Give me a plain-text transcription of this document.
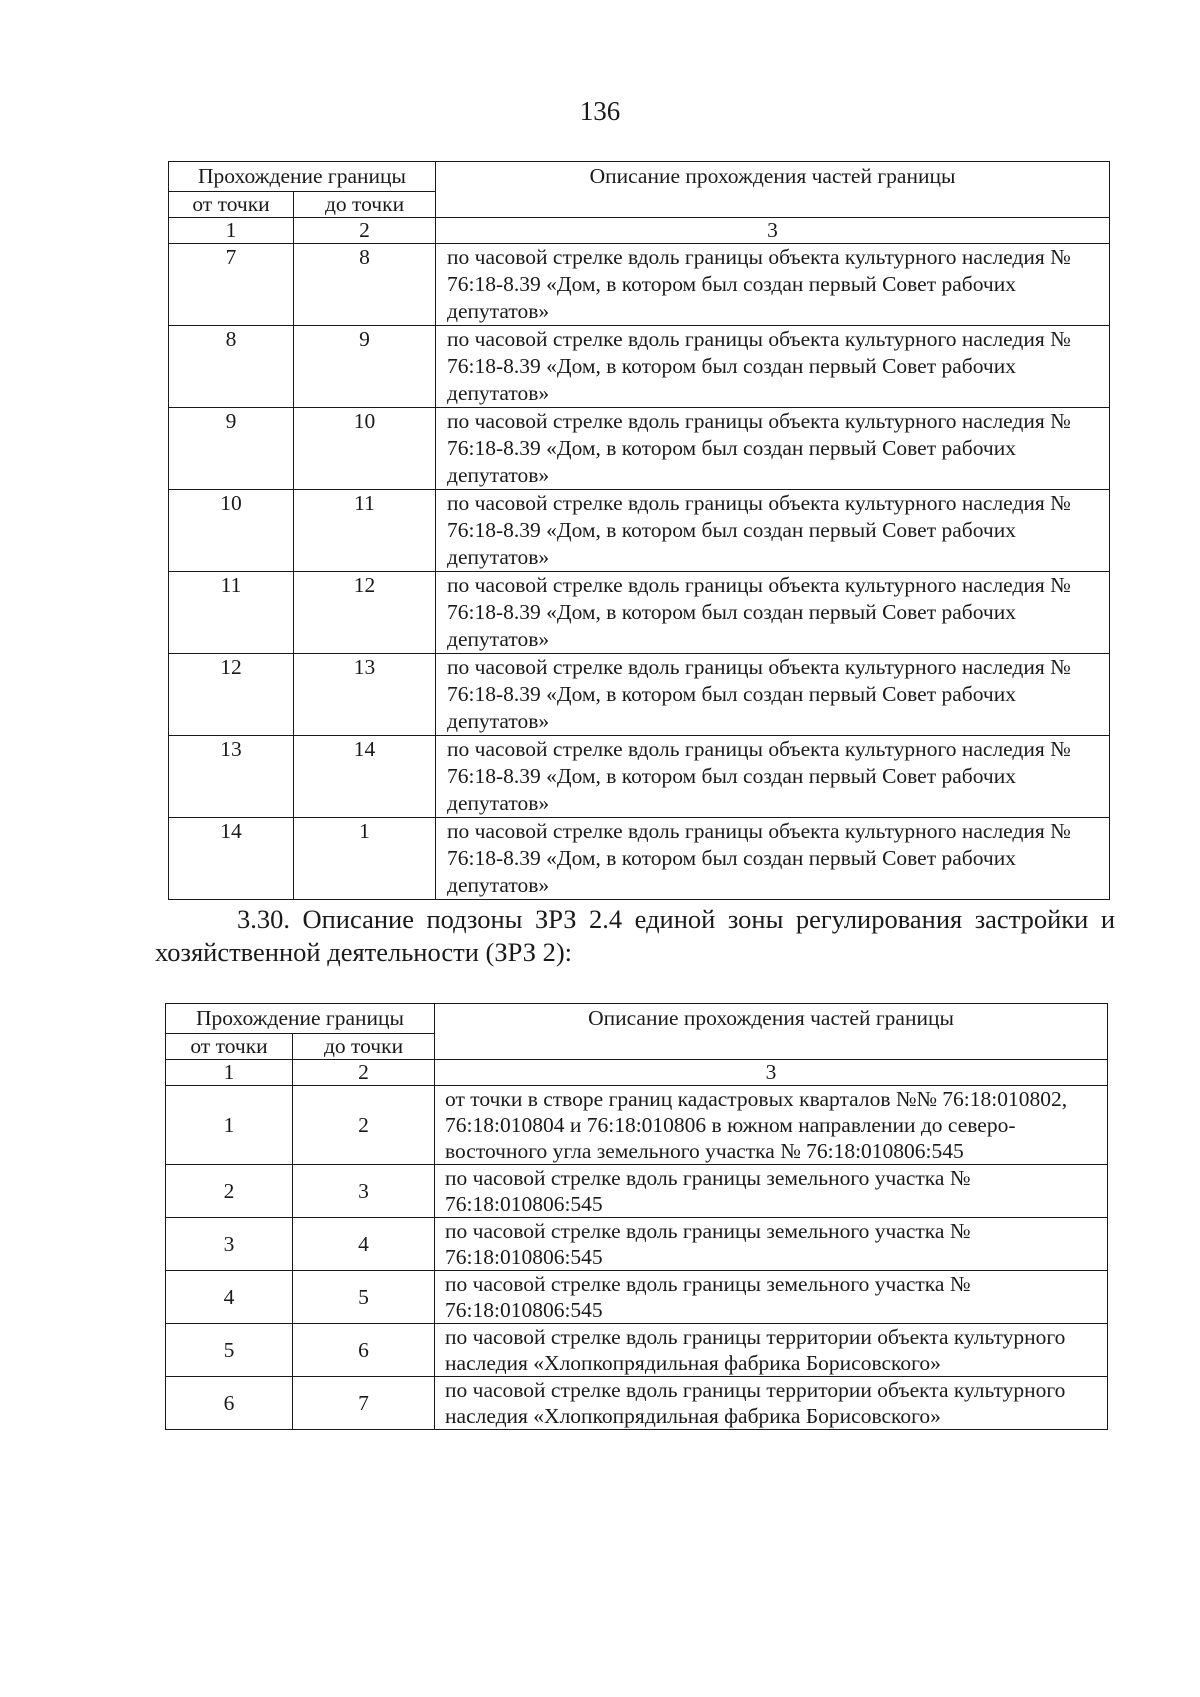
136
Прохождение границы		Описание прохождения частей границы
от точки	до точки	
1	2	3
7	8	по часовой стрелке вдоль границы объекта культурного наследия № 76:18-8.39 «Дом, в котором был создан первый Совет рабочих депутатов»
8	9	по часовой стрелке вдоль границы объекта культурного наследия № 76:18-8.39 «Дом, в котором был создан первый Совет рабочих депутатов»
9	10	по часовой стрелке вдоль границы объекта культурного наследия № 76:18-8.39 «Дом, в котором был создан первый Совет рабочих депутатов»
10	11	по часовой стрелке вдоль границы объекта культурного наследия № 76:18-8.39 «Дом, в котором был создан первый Совет рабочих депутатов»
11	12	по часовой стрелке вдоль границы объекта культурного наследия № 76:18-8.39 «Дом, в котором был создан первый Совет рабочих депутатов»
12	13	по часовой стрелке вдоль границы объекта культурного наследия № 76:18-8.39 «Дом, в котором был создан первый Совет рабочих депутатов»
13	14	по часовой стрелке вдоль границы объекта культурного наследия № 76:18-8.39 «Дом, в котором был создан первый Совет рабочих депутатов»
14	1	по часовой стрелке вдоль границы объекта культурного наследия № 76:18-8.39 «Дом, в котором был создан первый Совет рабочих депутатов»
3.30. Описание подзоны ЗРЗ 2.4 единой зоны регулирования застройки и хозяйственной деятельности (ЗРЗ 2):
Прохождение границы		Описание прохождения частей границы
от точки	до точки	
1	2	3
1	2	от точки в створе границ кадастровых кварталов №№ 76:18:010802, 76:18:010804 и 76:18:010806 в южном направлении до северо-восточного угла земельного участка № 76:18:010806:545
2	3	по часовой стрелке вдоль границы земельного участка № 76:18:010806:545
3	4	по часовой стрелке вдоль границы земельного участка № 76:18:010806:545
4	5	по часовой стрелке вдоль границы земельного участка № 76:18:010806:545
5	6	по часовой стрелке вдоль границы территории объекта культурного наследия «Хлопкопрядильная фабрика Борисовского»
6	7	по часовой стрелке вдоль границы территории объекта культурного наследия «Хлопкопрядильная фабрика Борисовского»
